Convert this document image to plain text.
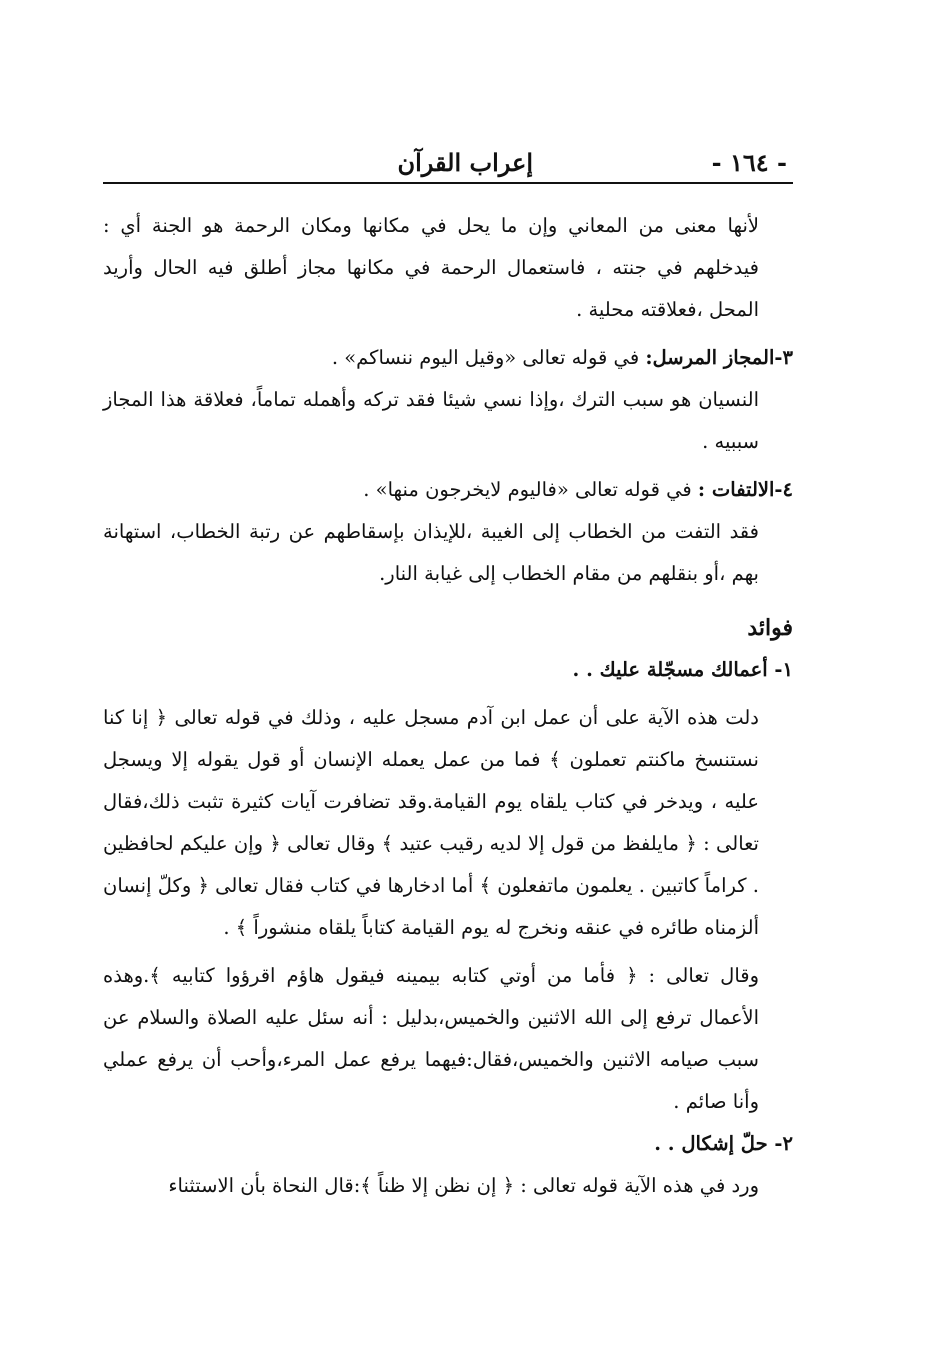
- ١٦٤ -
إعراب القرآن

لأنها معنى من المعاني وإن ما يحل في مكانها ومكان الرحمة هو الجنة أي : فيدخلهم في جنته ، فاستعمال الرحمة في مكانها مجاز أطلق فيه الحال وأريد المحل ،فعلاقته محلية .

٣-المجاز المرسل: في قوله تعالى «وقيل اليوم ننساكم» .

النسيان هو سبب الترك ،وإذا نسي شيئا فقد تركه وأهمله تماماً، فعلاقة هذا المجاز سببيه .

٤-الالتفات : في قوله تعالى «فاليوم لايخرجون منها» .

فقد التفت من الخطاب إلى الغيبة ،للإيذان بإسقاطهم عن رتبة الخطاب، استهانة بهم ،أو بنقلهم من مقام الخطاب إلى غيابة النار.

فوائد

١- أعمالك مسجّلة عليك . .

دلت هذه الآية على أن عمل ابن آدم مسجل عليه ، وذلك في قوله تعالى ﴿ إنا كنا نستنسخ ماكنتم تعملون ﴾ فما من عمل يعمله الإنسان أو قول يقوله إلا ويسجل عليه ، ويدخر في كتاب يلقاه يوم القيامة.وقد تضافرت آيات كثيرة تثبت ذلك،فقال تعالى : ﴿ مايلفظ من قول إلا لديه رقيب عتيد ﴾ وقال تعالى ﴿ وإن عليكم لحافظين . كراماً كاتبين . يعلمون ماتفعلون ﴾ أما ادخارها في كتاب فقال تعالى ﴿ وكلّ إنسان ألزمناه طائره في عنقه ونخرج له يوم القيامة كتاباً يلقاه منشوراً ﴾ .

وقال تعالى : ﴿ فأما من أوتي كتابه بيمينه فيقول هاؤم اقرؤوا كتابيه ﴾.وهذه الأعمال ترفع إلى الله الاثنين والخميس،بدليل : أنه سئل عليه الصلاة والسلام عن سبب صيامه الاثنين والخميس،فقال:فيهما يرفع عمل المرء،وأحب أن يرفع عملي وأنا صائم .

٢- حلّ إشكال . .

ورد في هذه الآية قوله تعالى : ﴿ إن نظن إلا ظناً ﴾:قال النحاة بأن الاستثناء
